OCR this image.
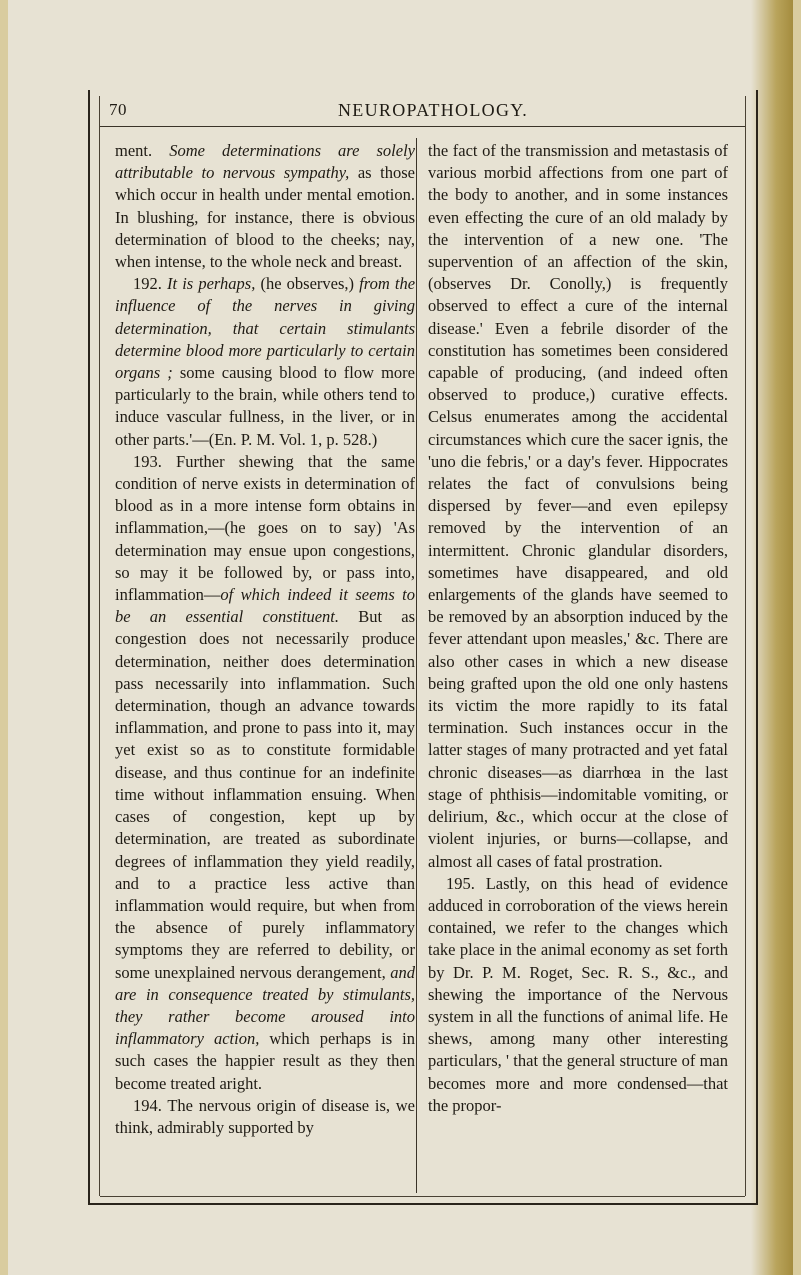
70	NEUROPATHOLOGY.

ment. Some determinations are solely attributable to nervous sympathy, as those which occur in health under mental emotion. In blushing, for instance, there is obvious determination of blood to the cheeks; nay, when intense, to the whole neck and breast.

192. It is perhaps, (he observes,) from the influence of the nerves in giving determination, that certain stimulants determine blood more particularly to certain organs ; some causing blood to flow more particularly to the brain, while others tend to induce vascular fullness, in the liver, or in other parts.'—(En. P. M. Vol. 1, p. 528.)

193. Further shewing that the same condition of nerve exists in determination of blood as in a more intense form obtains in inflammation,—(he goes on to say) 'As determination may ensue upon congestions, so may it be followed by, or pass into, inflammation—of which indeed it seems to be an essential constituent. But as congestion does not necessarily produce determination, neither does determination pass necessarily into inflammation. Such determination, though an advance towards inflammation, and prone to pass into it, may yet exist so as to constitute formidable disease, and thus continue for an indefinite time without inflammation ensuing. When cases of congestion, kept up by determination, are treated as subordinate degrees of inflammation they yield readily, and to a practice less active than inflammation would require, but when from the absence of purely inflammatory symptoms they are referred to debility, or some unexplained nervous derangement, and are in consequence treated by stimulants, they rather become aroused into inflammatory action, which perhaps is in such cases the happier result as they then become treated aright.

194. The nervous origin of disease is, we think, admirably supported by

the fact of the transmission and metastasis of various morbid affections from one part of the body to another, and in some instances even effecting the cure of an old malady by the intervention of a new one. 'The supervention of an affection of the skin, (observes Dr. Conolly,) is frequently observed to effect a cure of the internal disease.' Even a febrile disorder of the constitution has sometimes been considered capable of producing, (and indeed often observed to produce,) curative effects. Celsus enumerates among the accidental circumstances which cure the sacer ignis, the 'uno die febris,' or a day's fever. Hippocrates relates the fact of convulsions being dispersed by fever—and even epilepsy removed by the intervention of an intermittent. Chronic glandular disorders, sometimes have disappeared, and old enlargements of the glands have seemed to be removed by an absorption induced by the fever attendant upon measles,' &c. There are also other cases in which a new disease being grafted upon the old one only hastens its victim the more rapidly to its fatal termination. Such instances occur in the latter stages of many protracted and yet fatal chronic diseases—as diarrhœa in the last stage of phthisis—indomitable vomiting, or delirium, &c., which occur at the close of violent injuries, or burns—collapse, and almost all cases of fatal prostration.

195. Lastly, on this head of evidence adduced in corroboration of the views herein contained, we refer to the changes which take place in the animal economy as set forth by Dr. P. M. Roget, Sec. R. S., &c., and shewing the importance of the Nervous system in all the functions of animal life. He shews, among many other interesting particulars, ' that the general structure of man becomes more and more condensed—that the propor-
